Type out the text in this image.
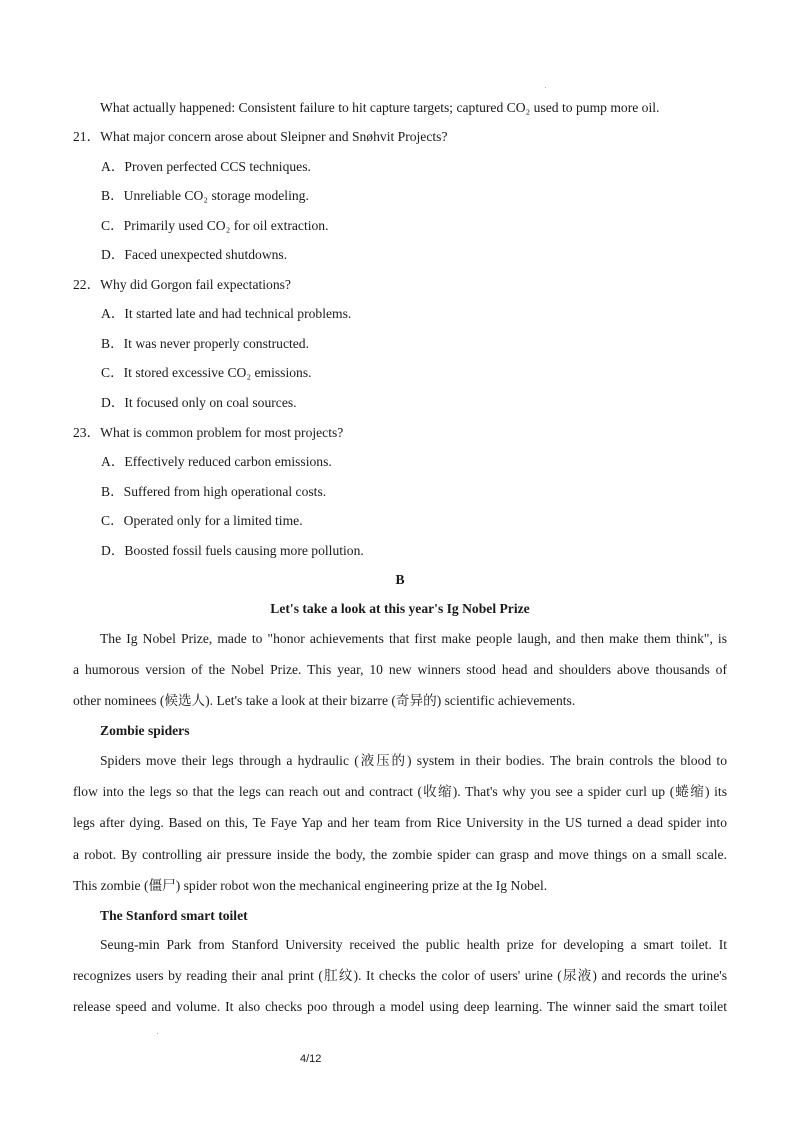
What actually happened: Consistent failure to hit capture targets; captured CO₂ used to pump more oil.
21．What major concern arose about Sleipner and Snøhvit Projects?
A．Proven perfected CCS techniques.
B．Unreliable CO₂ storage modeling.
C．Primarily used CO₂ for oil extraction.
D．Faced unexpected shutdowns.
22．Why did Gorgon fail expectations?
A．It started late and had technical problems.
B．It was never properly constructed.
C．It stored excessive CO₂ emissions.
D．It focused only on coal sources.
23．What is common problem for most projects?
A．Effectively reduced carbon emissions.
B．Suffered from high operational costs.
C．Operated only for a limited time.
D．Boosted fossil fuels causing more pollution.
B
Let's take a look at this year's Ig Nobel Prize
The Ig Nobel Prize, made to "honor achievements that first make people laugh, and then make them think", is
a humorous version of the Nobel Prize. This year, 10 new winners stood head and shoulders above thousands of
other nominees (候选人). Let's take a look at their bizarre (奇异的) scientific achievements.
Zombie spiders
Spiders move their legs through a hydraulic (液压的) system in their bodies. The brain controls the blood to
flow into the legs so that the legs can reach out and contract (收缩). That's why you see a spider curl up (蜷缩) its
legs after dying. Based on this, Te Faye Yap and her team from Rice University in the US turned a dead spider into
a robot. By controlling air pressure inside the body, the zombie spider can grasp and move things on a small scale.
This zombie (僵尸) spider robot won the mechanical engineering prize at the Ig Nobel.
The Stanford smart toilet
Seung-min Park from Stanford University received the public health prize for developing a smart toilet. It
recognizes users by reading their anal print (肛纹). It checks the color of users' urine (尿液) and records the urine's
release speed and volume. It also checks poo through a model using deep learning. The winner said the smart toilet
4/12
